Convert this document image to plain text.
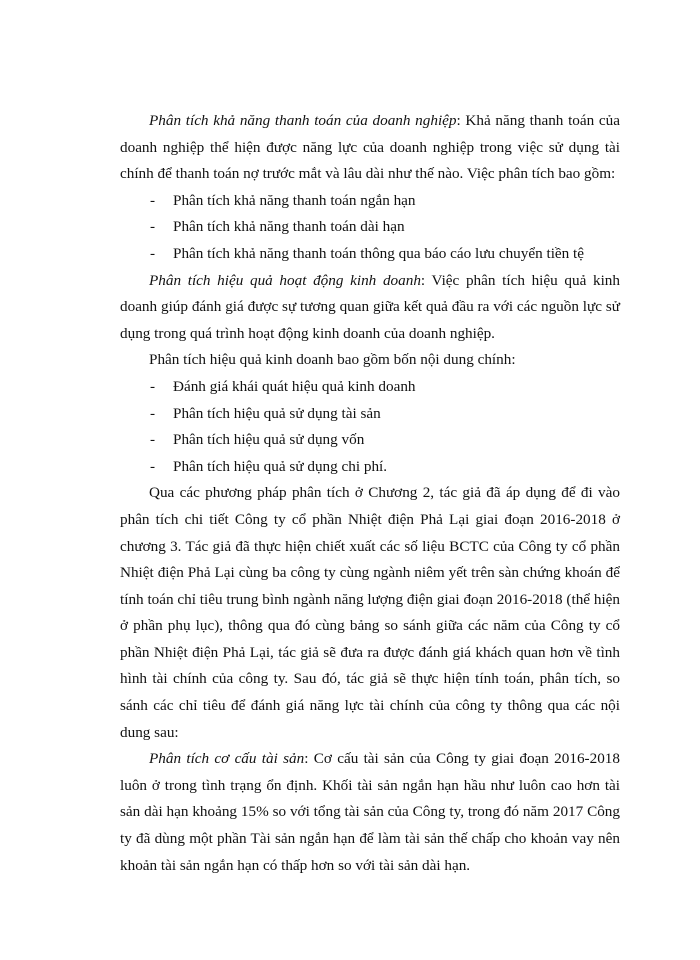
Phân tích khả năng thanh toán của doanh nghiệp: Khả năng thanh toán của doanh nghiệp thể hiện được năng lực của doanh nghiệp trong việc sử dụng tài chính để thanh toán nợ trước mắt và lâu dài như thế nào. Việc phân tích bao gồm:

- Phân tích khả năng thanh toán ngắn hạn
- Phân tích khả năng thanh toán dài hạn
- Phân tích khả năng thanh toán thông qua báo cáo lưu chuyển tiền tệ

Phân tích hiệu quả hoạt động kinh doanh: Việc phân tích hiệu quả kinh doanh giúp đánh giá được sự tương quan giữa kết quả đầu ra với các nguồn lực sử dụng trong quá trình hoạt động kinh doanh của doanh nghiệp.

Phân tích hiệu quả kinh doanh bao gồm bốn nội dung chính:

- Đánh giá khái quát hiệu quả kinh doanh
- Phân tích hiệu quả sử dụng tài sản
- Phân tích hiệu quả sử dụng vốn
- Phân tích hiệu quả sử dụng chi phí.

Qua các phương pháp phân tích ở Chương 2, tác giả đã áp dụng để đi vào phân tích chi tiết Công ty cổ phần Nhiệt điện Phả Lại giai đoạn 2016-2018 ở chương 3. Tác giả đã thực hiện chiết xuất các số liệu BCTC của Công ty cổ phần Nhiệt điện Phả Lại cùng ba công ty cùng ngành niêm yết trên sàn chứng khoán để tính toán chỉ tiêu trung bình ngành năng lượng điện giai đoạn 2016-2018 (thể hiện ở phần phụ lục), thông qua đó cùng bảng so sánh giữa các năm của Công ty cổ phần Nhiệt điện Phả Lại, tác giả sẽ đưa ra được đánh giá khách quan hơn về tình hình tài chính của công ty. Sau đó, tác giả sẽ thực hiện tính toán, phân tích, so sánh các chỉ tiêu để đánh giá năng lực tài chính của công ty thông qua các nội dung sau:

Phân tích cơ cấu tài sản: Cơ cấu tài sản của Công ty giai đoạn 2016-2018 luôn ở trong tình trạng ổn định. Khối tài sản ngắn hạn hầu như luôn cao hơn tài sản dài hạn khoảng 15% so với tổng tài sản của Công ty, trong đó năm 2017 Công ty đã dùng một phần Tài sản ngắn hạn để làm tài sản thế chấp cho khoản vay nên khoản tài sản ngắn hạn có thấp hơn so với tài sản dài hạn.
